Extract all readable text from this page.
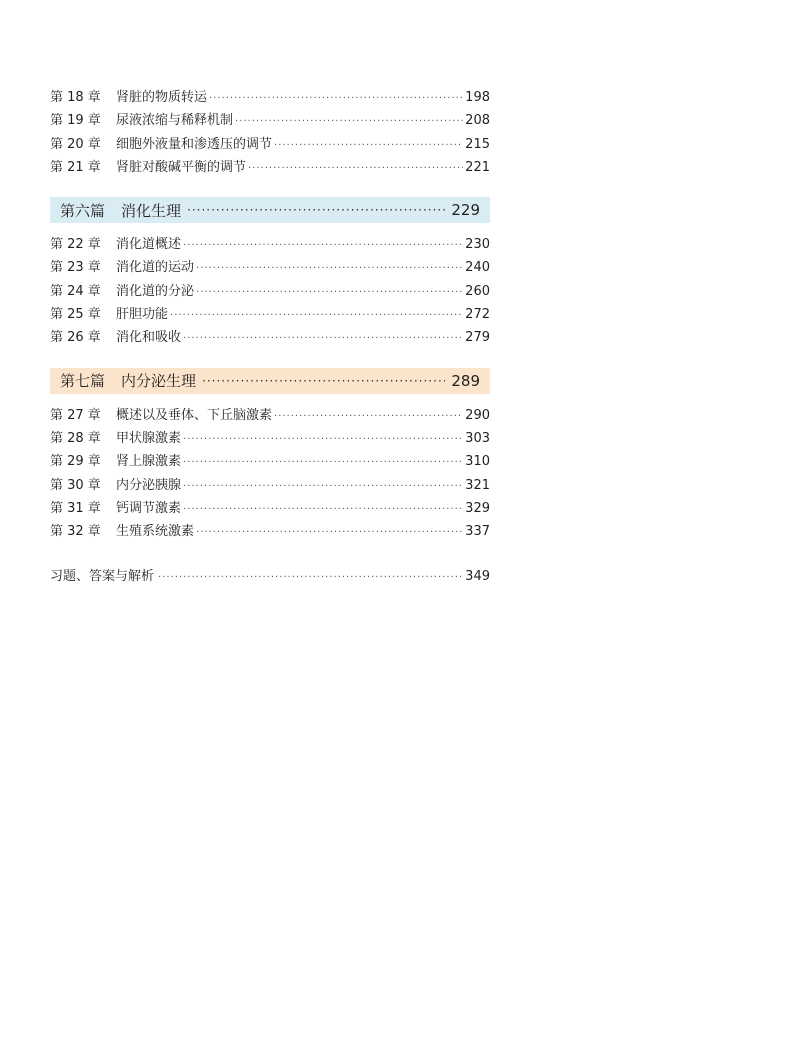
第 18 章	肾脏的物质转运 ·····	198
第 19 章	尿液浓缩与稀释机制 ·····	208
第 20 章	细胞外液量和渗透压的调节 ·····	215
第 21 章	肾脏对酸碱平衡的调节 ·····	221
第六篇 消化生理 ·····	229
第 22 章	消化道概述 ·····	230
第 23 章	消化道的运动 ·····	240
第 24 章	消化道的分泌 ·····	260
第 25 章	肝胆功能 ·····	272
第 26 章	消化和吸收 ·····	279
第七篇 内分泌生理 ·····	289
第 27 章	概述以及垂体、下丘脑激素 ·····	290
第 28 章	甲状腺激素 ·····	303
第 29 章	肾上腺激素 ·····	310
第 30 章	内分泌胰腺 ·····	321
第 31 章	钙调节激素 ·····	329
第 32 章	生殖系统激素 ·····	337
习题、答案与解析 ·····	349
